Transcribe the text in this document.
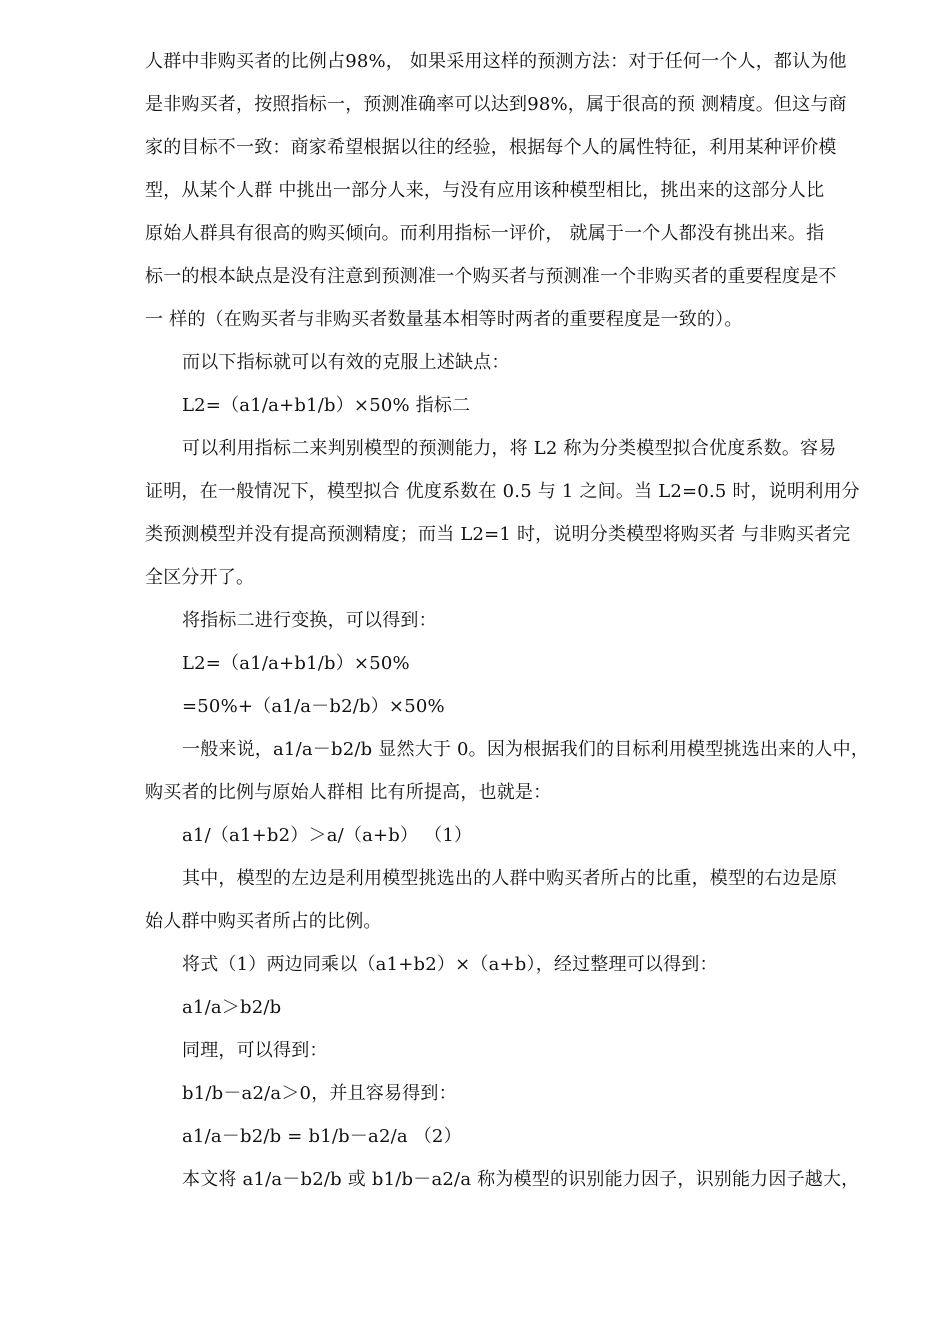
人群中非购买者的比例占98%， 如果采用这样的预测方法：对于任何一个人，都认为他
是非购买者，按照指标一，预测准确率可以达到98%，属于很高的预 测精度。但这与商
家的目标不一致：商家希望根据以往的经验，根据每个人的属性特征，利用某种评价模
型，从某个人群 中挑出一部分人来，与没有应用该种模型相比，挑出来的这部分人比
原始人群具有很高的购买倾向。而利用指标一评价， 就属于一个人都没有挑出来。指
标一的根本缺点是没有注意到预测准一个购买者与预测准一个非购买者的重要程度是不
一 样的（在购买者与非购买者数量基本相等时两者的重要程度是一致的）。
而以下指标就可以有效的克服上述缺点：
L2=（a1/a+b1/b）×50% 指标二
可以利用指标二来判别模型的预测能力，将 L2 称为分类模型拟合优度系数。容易
证明，在一般情况下，模型拟合 优度系数在 0.5 与 1 之间。当 L2=0.5 时，说明利用分
类预测模型并没有提高预测精度；而当 L2=1 时，说明分类模型将购买者 与非购买者完
全区分开了。
将指标二进行变换，可以得到：
L2=（a1/a+b1/b）×50%
=50%+（a1/a－b2/b）×50%
一般来说，a1/a－b2/b 显然大于 0。因为根据我们的目标利用模型挑选出来的人中，
购买者的比例与原始人群相 比有所提高，也就是：
a1/（a1+b2）＞a/（a+b） （1）
其中，模型的左边是利用模型挑选出的人群中购买者所占的比重，模型的右边是原
始人群中购买者所占的比例。
将式（1）两边同乘以（a1+b2）×（a+b），经过整理可以得到：
a1/a＞b2/b
同理，可以得到：
b1/b－a2/a＞0，并且容易得到：
a1/a－b2/b = b1/b－a2/a （2）
本文将 a1/a－b2/b 或 b1/b－a2/a 称为模型的识别能力因子，识别能力因子越大，
